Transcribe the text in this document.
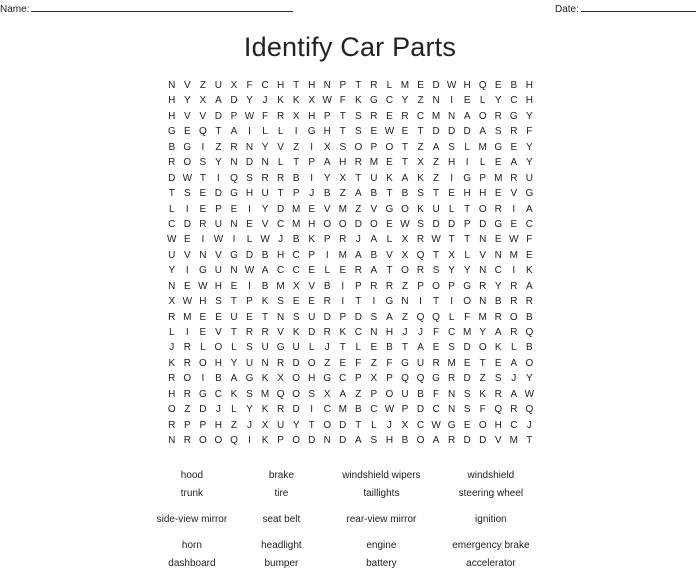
Name:	Date:
Identify Car Parts
N V Z U X F C H T H N P T R L M E D W H Q E B H
H Y X A D Y J K K X W F K G C Y Z N	I	E L Y C H
H V V D P W F R X H P T S R E R C M N A O R G Y
G E Q T A	I	L L	I	G H T S E W E T D D D A S R F
B G	I	Z R N Y V Z	I	X S O P O T Z A S L M G E Y
R O S Y N D N L T P A H R M E T X Z H	I	L E A Y
D W T	I	Q S R R B	I	Y X T U K A K Z	I	G P M R U
T S E D G H U T P J B Z A B T B S T E H H E V G
L	I	E P E	I	Y D M E V M Z V G O K U L T O R	I	A
C D R U N E V C M H O O D O E W S D D P D G E C
W E	I W I	L W J B K P R J A L X R W T T N E W F
U V N V G D B H C P	I M A B V X Q T X L V N M E
Y	I	G U N W A C C E L E R A T O R S Y Y N C	I	K
N E W H E	I	B M X V B	I	P R R Z P O P G R Y R A
X W H S T P K S E E R	I	T	I	G N	I	T	I	O N B R R
R M E E U E T N S U D P D S A Z Q Q L F M R O B
L	I	E V T R R V K D R K C N H J	J	F C M Y A R Q
J R L O L S U G U L	J	T L E B T A E S D O K L B
K R O H Y U N R D O Z E F Z F G U R M E T E A O
R O	I	B A G K X O H G C P X P Q Q G R D Z S J Y
H R G C K S M Q O S X A Z P O U B F N S K R A W
O Z D J	L Y K R D	I	C M B C W P D C N S F Q R Q
R P P H Z J X U Y T O D T L	J X C W G E O H C J
N R O O Q	I	K P O D N D A S H B O A R D D V M T
hood	brake	windshield wipers	windshield
trunk	tire	taillights	steering wheel
side-view mirror	seat belt	rear-view mirror	ignition
horn	headlight	engine	emergency brake
dashboard	bumper	battery	accelerator
